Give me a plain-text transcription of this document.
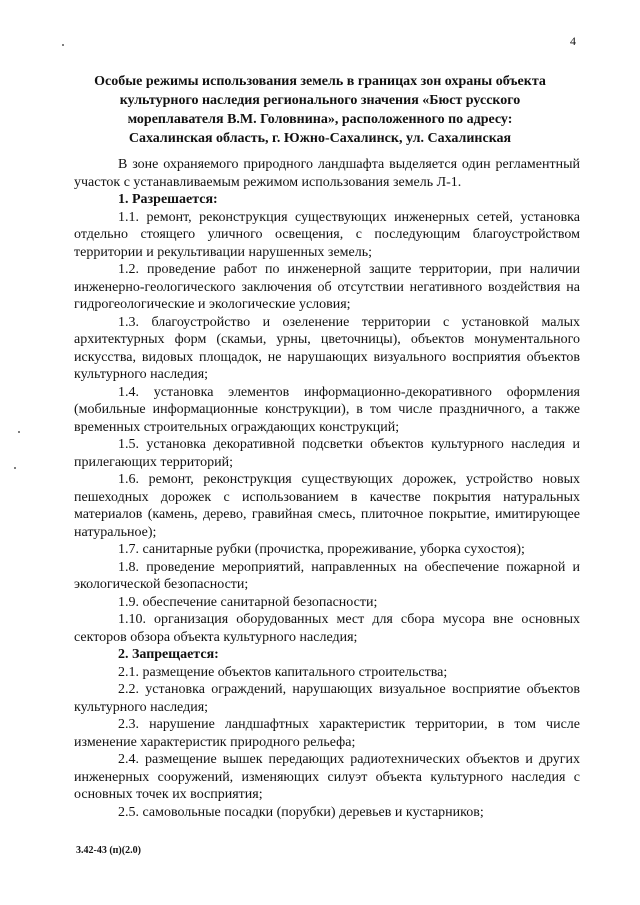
4
Особые режимы использования земель в границах зон охраны объекта
культурного наследия регионального значения «Бюст русского
мореплавателя В.М. Головнина», расположенного по адресу:
Сахалинская область, г. Южно-Сахалинск, ул. Сахалинская

В зоне охраняемого природного ландшафта выделяется один регламентный участок с устанавливаемым режимом использования земель Л-1.

1. Разрешается:

1.1. ремонт, реконструкция существующих инженерных сетей, установка отдельно стоящего уличного освещения, с последующим благоустройством территории и рекультивации нарушенных земель;

1.2. проведение работ по инженерной защите территории, при наличии инженерно-геологического заключения об отсутствии негативного воздействия на гидрогеологические и экологические условия;

1.3. благоустройство и озеленение территории с установкой малых архитектурных форм (скамьи, урны, цветочницы), объектов монументального искусства, видовых площадок, не нарушающих визуального восприятия объектов культурного наследия;

1.4. установка элементов информационно-декоративного оформления (мобильные информационные конструкции), в том числе праздничного, а также временных строительных ограждающих конструкций;

1.5. установка декоративной подсветки объектов культурного наследия и прилегающих территорий;

1.6. ремонт, реконструкция существующих дорожек, устройство новых пешеходных дорожек с использованием в качестве покрытия натуральных материалов (камень, дерево, гравийная смесь, плиточное покрытие, имитирующее натуральное);

1.7. санитарные рубки (прочистка, прореживание, уборка сухостоя);

1.8. проведение мероприятий, направленных на обеспечение пожарной и экологической безопасности;

1.9. обеспечение санитарной безопасности;

1.10. организация оборудованных мест для сбора мусора вне основных секторов обзора объекта культурного наследия;

2. Запрещается:

2.1. размещение объектов капитального строительства;

2.2. установка ограждений, нарушающих визуальное восприятие объектов культурного наследия;

2.3. нарушение ландшафтных характеристик территории, в том числе изменение характеристик природного рельефа;

2.4. размещение вышек передающих радиотехнических объектов и других инженерных сооружений, изменяющих силуэт объекта культурного наследия с основных точек их восприятия;

2.5. самовольные посадки (порубки) деревьев и кустарников;

3.42-43 (п)(2.0)
